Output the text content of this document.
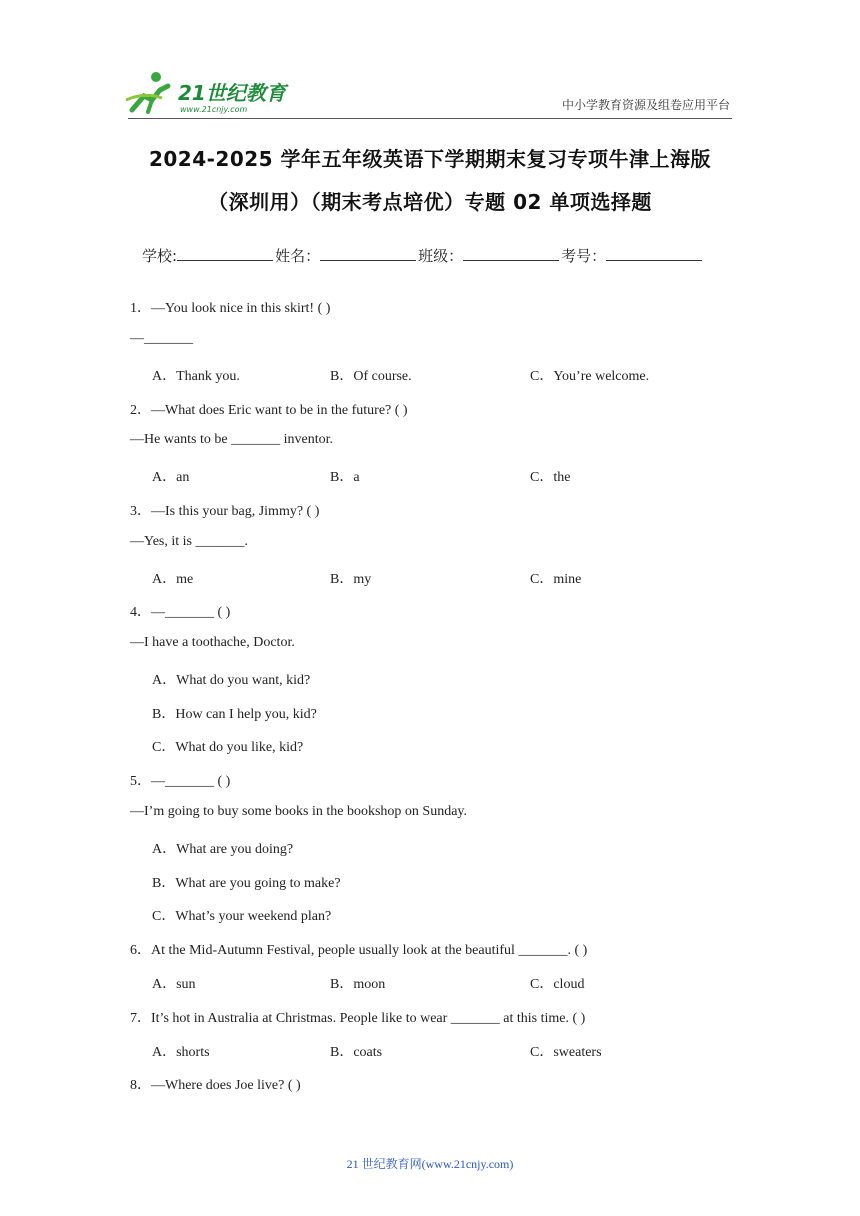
21世纪教育
www.21cnjy.com	中小学教育资源及组卷应用平台
2024-2025 学年五年级英语下学期期末复习专项牛津上海版
（深圳用）（期末考点培优）专题 02 单项选择题
学校:	姓名：	班级：	考号：
1．—You look nice in this skirt! ( )
—_______
A．Thank you.	B．Of course.	C．You’re welcome.
2．—What does Eric want to be in the future? ( )
—He wants to be _______ inventor.
A．an	B．a	C．the
3．—Is this your bag, Jimmy? ( )
—Yes, it is _______.
A．me	B．my	C．mine
4．—_______ ( )
—I have a toothache, Doctor.
A．What do you want, kid?
B．How can I help you, kid?
C．What do you like, kid?
5．—_______ ( )
—I’m going to buy some books in the bookshop on Sunday.
A．What are you doing?
B．What are you going to make?
C．What’s your weekend plan?
6．At the Mid-Autumn Festival, people usually look at the beautiful _______. ( )
A．sun	B．moon	C．cloud
7．It’s hot in Australia at Christmas. People like to wear _______ at this time. ( )
A．shorts	B．coats	C．sweaters
8．—Where does Joe live? ( )
21 世纪教育网(www.21cnjy.com)
